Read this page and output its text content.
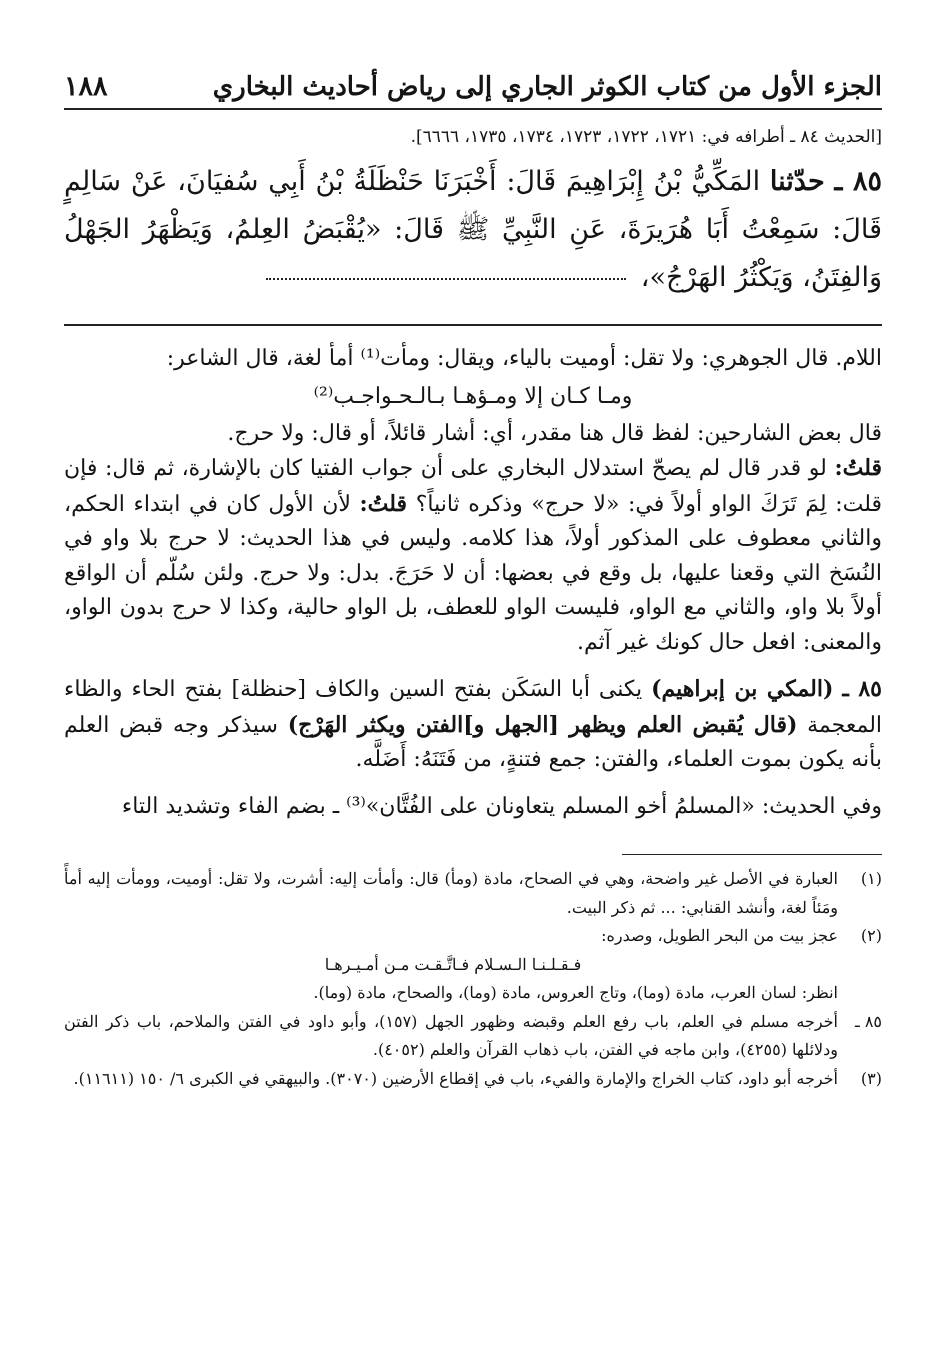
الجزء الأول من كتاب الكوثر الجاري إلى رياض أحاديث البخاري
١٨٨
[الحديث ٨٤ ـ أطرافه في: ١٧٢١، ١٧٢٢، ١٧٢٣، ١٧٣٤، ١٧٣٥، ٦٦٦٦].
٨٥ ـ حدّثنا المَكِّيُّ بْنُ إِبْرَاهِيمَ قَالَ: أَخْبَرَنَا حَنْظَلَةُ بْنُ أَبِي سُفيَانَ، عَنْ سَالِمٍ قَالَ: سَمِعْتُ أَبَا هُرَيرَةَ، عَنِ النَّبِيِّ ﷺ قَالَ: «يُقْبَضُ العِلمُ، وَيَظْهَرُ الجَهْلُ وَالفِتَنُ، وَيَكْثُرُ الهَرْجُ»،

اللام. قال الجوهري: ولا تقل: أوميت بالياء، ويقال: ومأت⁽¹⁾ أمأ لغة، قال الشاعر:

ومـا كـان إلا ومـؤهـا بـالـحـواجـب⁽²⁾

قال بعض الشارحين: لفظ قال هنا مقدر، أي: أشار قائلاً، أو قال: ولا حرج.

قلتُ: لو قدر قال لم يصحّ استدلال البخاري على أن جواب الفتيا كان بالإشارة، ثم قال: فإن قلت: لِمَ تَرَكَ الواو أولاً في: «لا حرج» وذكره ثانياً؟ قلتُ: لأن الأول كان في ابتداء الحكم، والثاني معطوف على المذكور أولاً، هذا كلامه. وليس في هذا الحديث: لا حرج بلا واو في النُسَخ التي وقعنا عليها، بل وقع في بعضها: أن لا حَرَجَ. بدل: ولا حرج. ولئن سُلّم أن الواقع أولاً بلا واو، والثاني مع الواو، فليست الواو للعطف، بل الواو حالية، وكذا لا حرج بدون الواو، والمعنى: افعل حال كونك غير آثم.

٨٥ ـ (المكي بن إبراهيم) يكنى أبا السَكَن بفتح السين والكاف [حنظلة] بفتح الحاء والظاء المعجمة (قال يُقبض العلم ويظهر [الجهل و]الفتن ويكثر الهَرْج) سيذكر وجه قبض العلم بأنه يكون بموت العلماء، والفتن: جمع فتنةٍ، من فَتَنَهُ: أَضَلَّه.

وفي الحديث: «المسلمُ أخو المسلم يتعاونان على الفُتَّان»⁽³⁾ ـ بضم الفاء وتشديد التاء

(١)
العبارة في الأصل غير واضحة، وهي في الصحاح، مادة (ومأ) قال: وأمأت إليه: أشرت، ولا تقل: أوميت، وومأت إليه أمأً ومَئاً لغة، وأنشد القنابي: ... ثم ذكر البيت.
(٢)
عجز بيت من البحر الطويل، وصدره:
فـقـلـنـا الـسـلام فـاتَّـقـت مـن أمـيـرهـا
انظر: لسان العرب، مادة (وما)، وتاج العروس، مادة (وما)، والصحاح، مادة (وما).
٨٥ ـ
أخرجه مسلم في العلم، باب رفع العلم وقبضه وظهور الجهل (١٥٧)، وأبو داود في الفتن والملاحم، باب ذكر الفتن ودلائلها (٤٢٥٥)، وابن ماجه في الفتن، باب ذهاب القرآن والعلم (٤٠٥٢).
(٣)
أخرجه أبو داود، كتاب الخراج والإمارة والفيء، باب في إقطاع الأرضين (٣٠٧٠). والبيهقي في الكبرى ٦/ ١٥٠ (١١٦١١).
